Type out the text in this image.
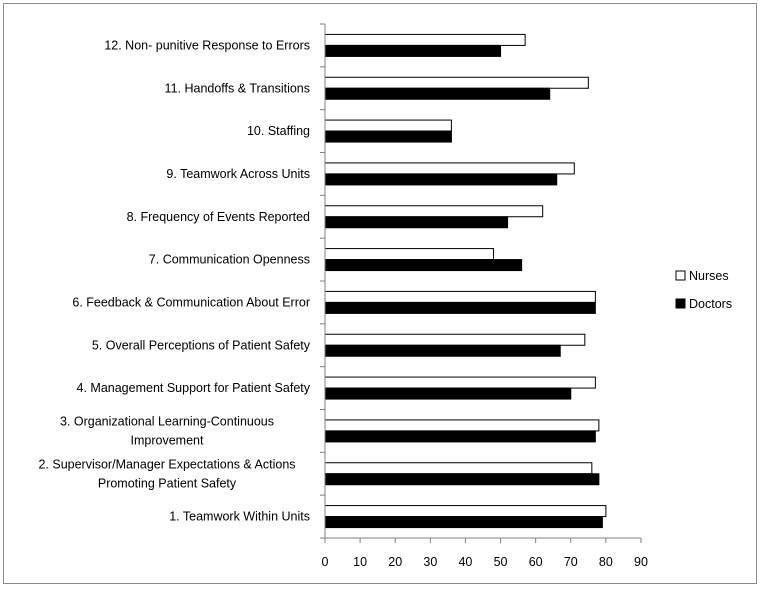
12. Non- punitive Response to Errors
11. Handoffs & Transitions
10. Staffing
9. Teamwork Across Units
8. Frequency of Events Reported
7. Communication Openness
6. Feedback & Communication About Error
5. Overall Perceptions of Patient Safety
4. Management Support for Patient Safety
3. Organizational Learning-Continuous Improvement
2. Supervisor/Manager Expectations & Actions Promoting Patient Safety
1. Teamwork Within Units
0 10 20 30 40 50 60 70 80 90
Nurses
Doctors
